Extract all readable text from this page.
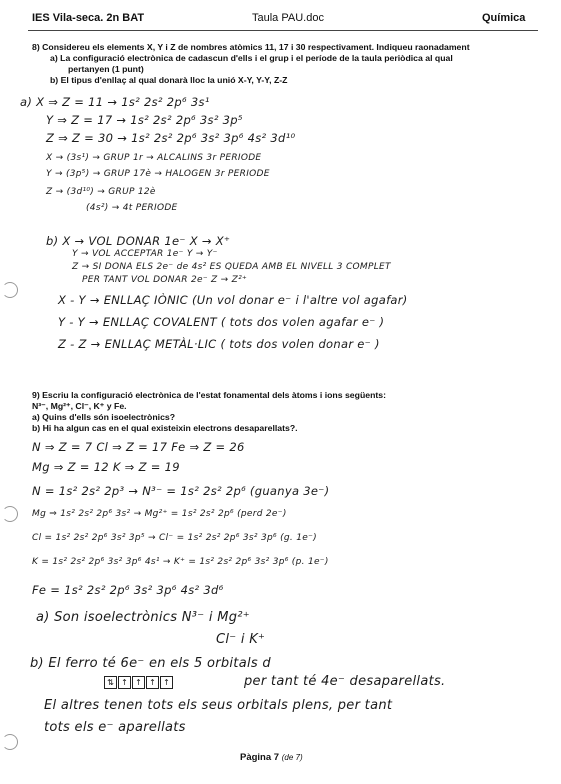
IES Vila-seca. 2n BAT	Taula PAU.doc	Química
8) Considereu els elements X, Y i Z de nombres atòmics 11, 17 i 30 respectivament. Indiqueu raonadament
a) La configuració electrònica de cadascun d'ells i el grup i el període de la taula periòdica al qual
pertanyen (1 punt)
b) El tipus d'enllaç al qual donarà lloc la unió X-Y, Y-Y, Z-Z
a) X ⇒ Z = 11 → 1s² 2s² 2p⁶ 3s¹
Y ⇒ Z = 17 → 1s² 2s² 2p⁶ 3s² 3p⁵
Z ⇒ Z = 30 → 1s² 2s² 2p⁶ 3s² 3p⁶ 4s² 3d¹⁰
X → (3s¹) → GRUP 1r → ALCALINS 3r PERIODE
Y → (3p⁵) → GRUP 17è → HALOGEN 3r PERIODE
Z → (3d¹⁰) → GRUP 12è
(4s²) → 4t PERIODE
b) X → VOL DONAR 1e⁻ X → X⁺
Y → VOL ACCEPTAR 1e⁻ Y → Y⁻
Z → SI DONA ELS 2e⁻ de 4s² ES QUEDA AMB EL NIVELL 3 COMPLET
PER TANT VOL DONAR 2e⁻ Z → Z²⁺
X - Y → ENLLAÇ IÒNIC (Un vol donar e⁻ i l'altre vol agafar)
Y - Y → ENLLAÇ COVALENT ( tots dos volen agafar e⁻ )
Z - Z → ENLLAÇ METÀL·LIC ( tots dos volen donar e⁻ )
9) Escriu la configuració electrònica de l'estat fonamental dels àtoms i ions següents:
N³⁻, Mg²⁺, Cl⁻, K⁺ y Fe.
a) Quins d'ells són isoelectrònics?
b) Hi ha algun cas en el qual existeixin electrons desaparellats?.
N ⇒ Z = 7 Cl ⇒ Z = 17 Fe ⇒ Z = 26
Mg ⇒ Z = 12 K ⇒ Z = 19
N = 1s² 2s² 2p³ → N³⁻ = 1s² 2s² 2p⁶ (guanya 3e⁻)
Mg ⇒ 1s² 2s² 2p⁶ 3s² → Mg²⁺ = 1s² 2s² 2p⁶ (perd 2e⁻)
Cl = 1s² 2s² 2p⁶ 3s² 3p⁵ → Cl⁻ = 1s² 2s² 2p⁶ 3s² 3p⁶ (g. 1e⁻)
K = 1s² 2s² 2p⁶ 3s² 3p⁶ 4s¹ → K⁺ = 1s² 2s² 2p⁶ 3s² 3p⁶ (p. 1e⁻)
Fe = 1s² 2s² 2p⁶ 3s² 3p⁶ 4s² 3d⁶
a) Son isoelectrònics N³⁻ i Mg²⁺
Cl⁻ i K⁺
b) El ferro té 6e⁻ en els 5 orbitals d
⇅ ↑ ↑ ↑ ↑	per tant té 4e⁻ desaparellats.
El altres tenen tots els seus orbitals plens, per tant
tots els e⁻ aparellats
Pàgina 7 (de 7)
